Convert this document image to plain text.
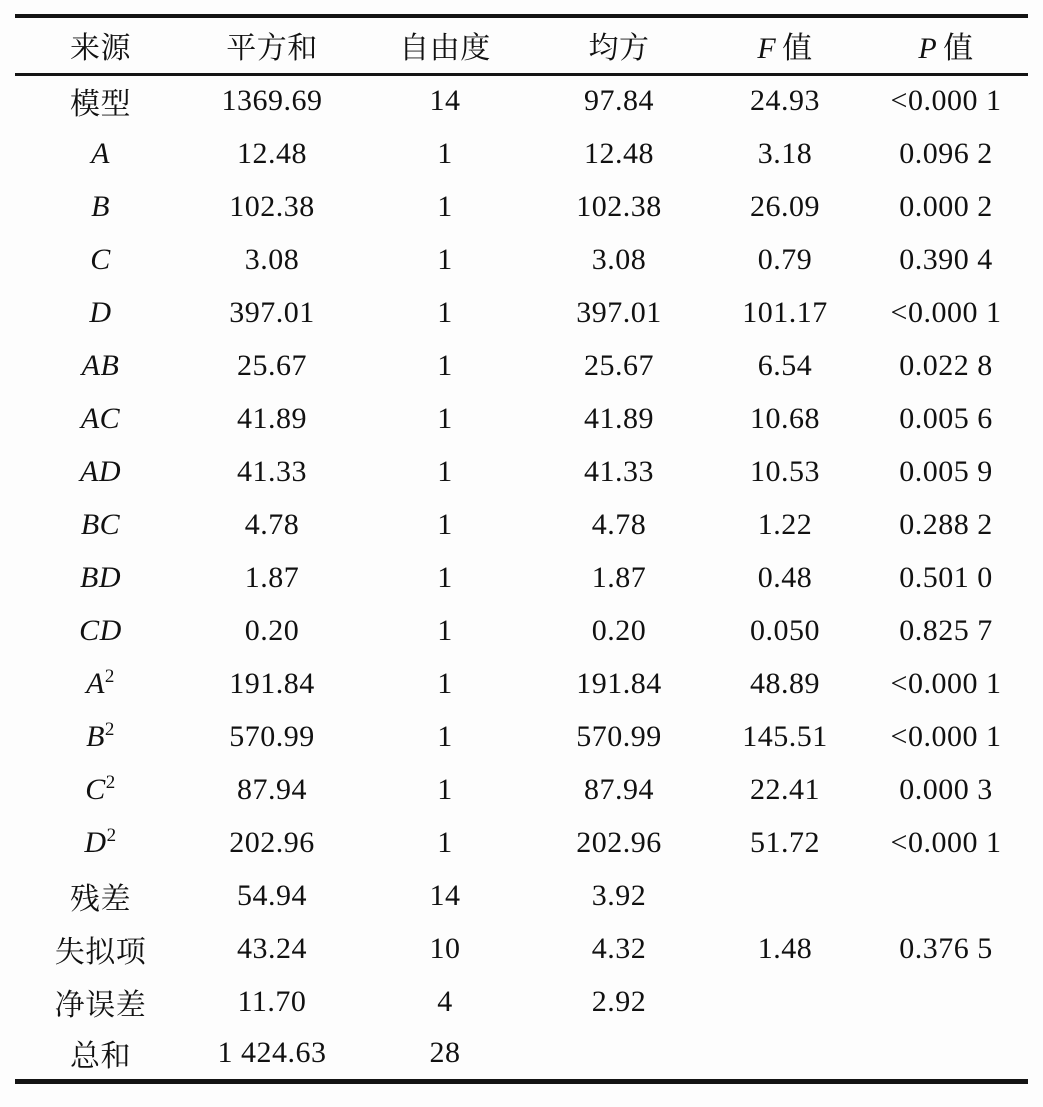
来源	平方和	自由度	均方	F 值	P 值
模型	1369.69	14	97.84	24.93	<0.000 1
A	12.48	1	12.48	3.18	0.096 2
B	102.38	1	102.38	26.09	0.000 2
C	3.08	1	3.08	0.79	0.390 4
D	397.01	1	397.01	101.17	<0.000 1
AB	25.67	1	25.67	6.54	0.022 8
AC	41.89	1	41.89	10.68	0.005 6
AD	41.33	1	41.33	10.53	0.005 9
BC	4.78	1	4.78	1.22	0.288 2
BD	1.87	1	1.87	0.48	0.501 0
CD	0.20	1	0.20	0.050	0.825 7
$A^2$	191.84	1	191.84	48.89	<0.000 1
$B^2$	570.99	1	570.99	145.51	<0.000 1
$C^2$	87.94	1	87.94	22.41	0.000 3
$D^2$	202.96	1	202.96	51.72	<0.000 1
残差	54.94	14	3.92		
失拟项	43.24	10	4.32	1.48	0.376 5
净误差	11.70	4	2.92		
总和	1 424.63	28			
